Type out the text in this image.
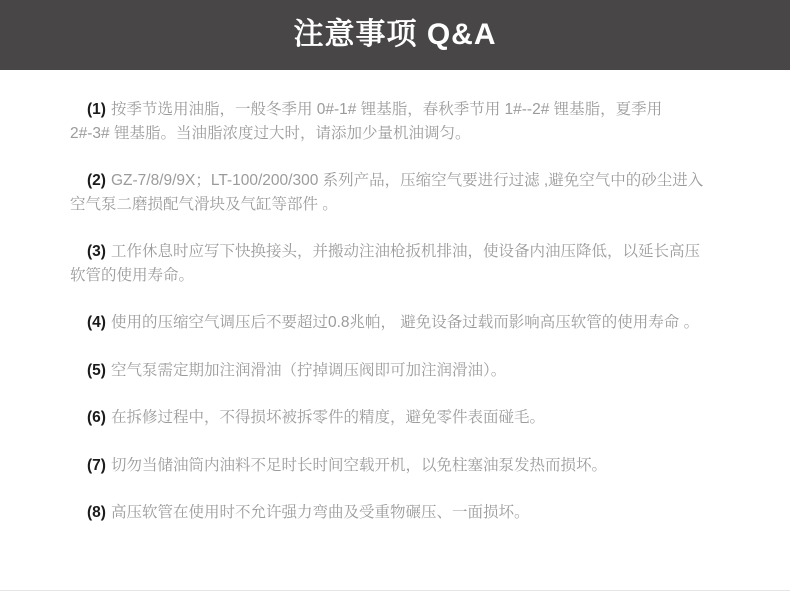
注意事项 Q&A

(1) 按季节选用油脂，一般冬季用 0#-1# 锂基脂，春秋季节用 1#--2# 锂基脂，夏季用 2#-3# 锂基脂。当油脂浓度过大时，请添加少量机油调匀。

(2) GZ-7/8/9/9X；LT-100/200/300 系列产品，压缩空气要进行过滤 ,避免空气中的砂尘进入空气泵二磨损配气滑块及气缸等部件 。

(3) 工作休息时应写下快换接头，并搬动注油枪扳机排油，使设备内油压降低，以延长高压软管的使用寿命。

(4) 使用的压缩空气调压后不要超过0.8兆帕， 避免设备过载而影响高压软管的使用寿命 。

(5) 空气泵需定期加注润滑油（拧掉调压阀即可加注润滑油）。

(6) 在拆修过程中，不得损坏被拆零件的精度，避免零件表面碰毛。

(7) 切勿当储油筒内油料不足时长时间空载开机，以免柱塞油泵发热而损坏。

(8) 高压软管在使用时不允许强力弯曲及受重物碾压、一面损坏。
